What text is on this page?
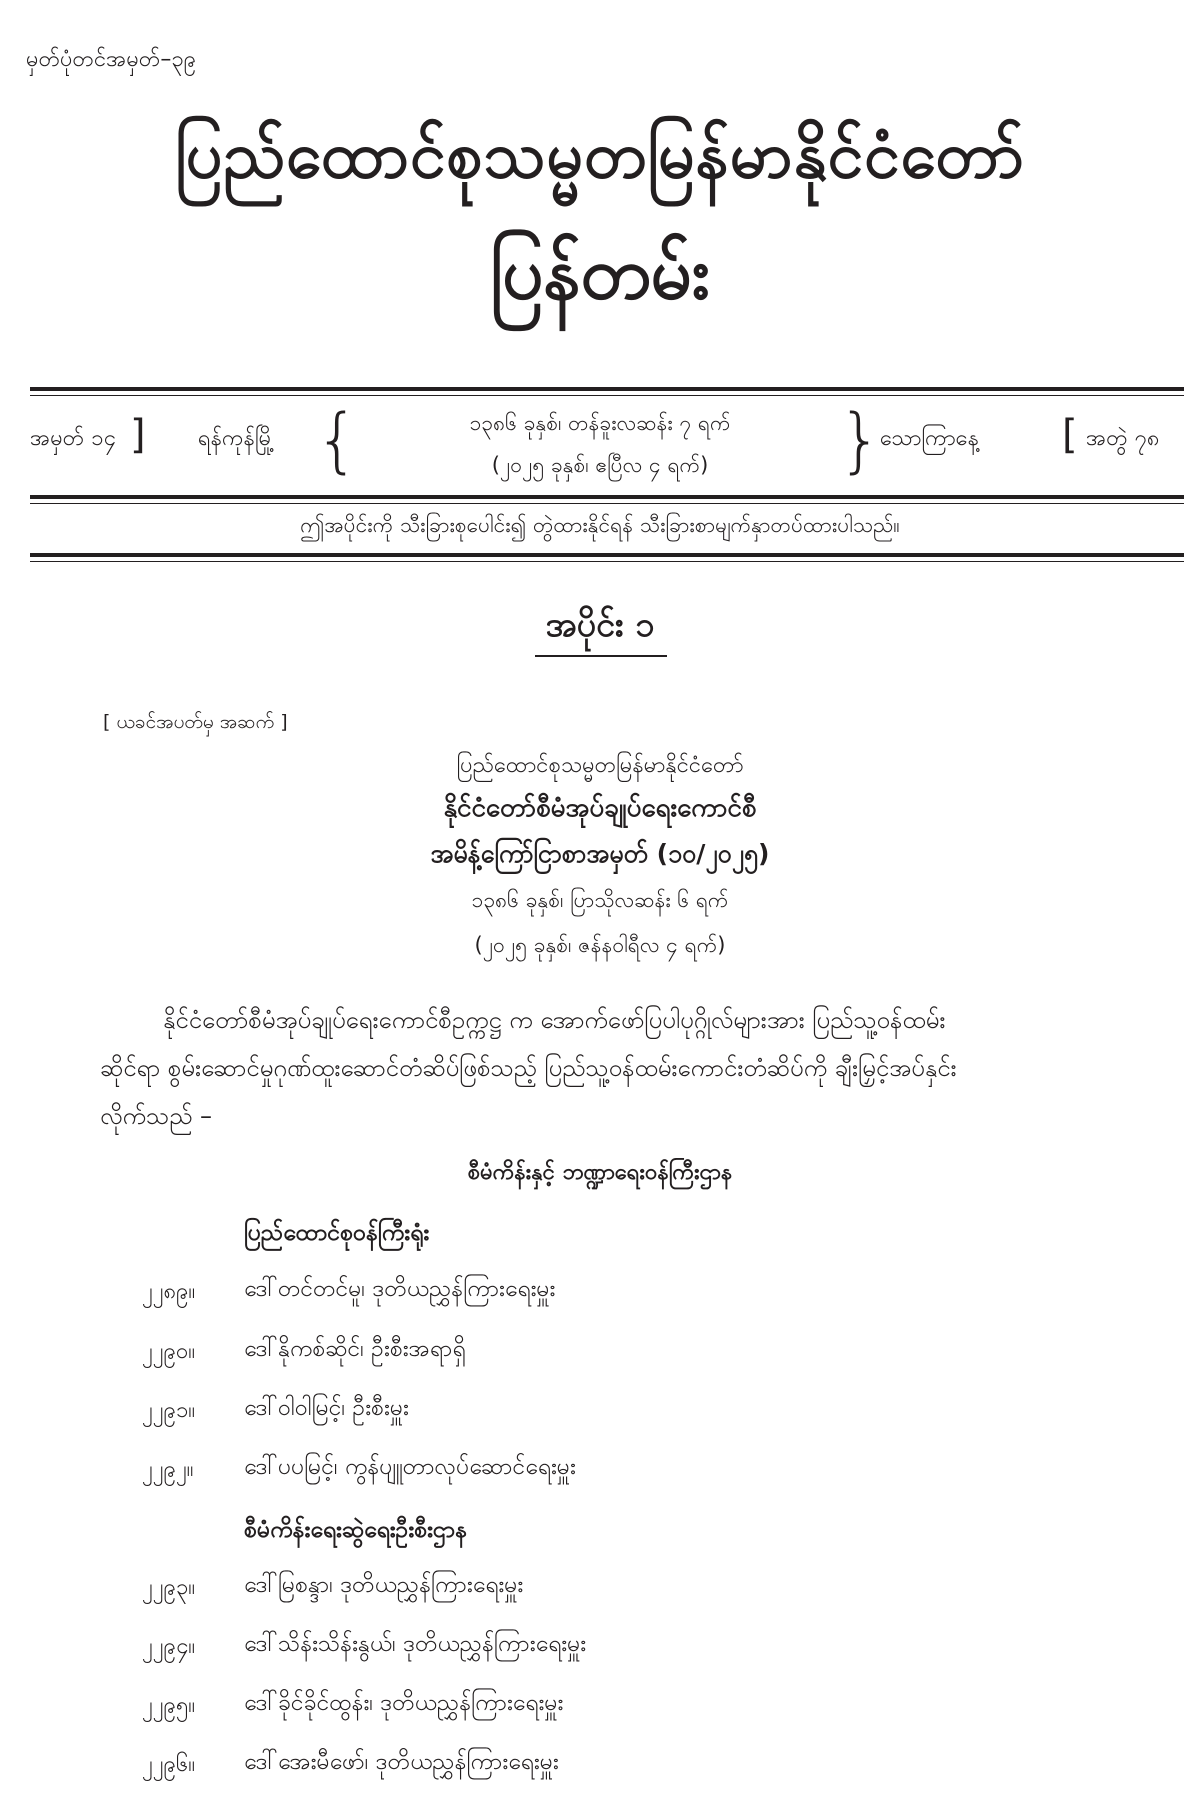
မှတ်ပုံတင်အမှတ်–၃၉
ပြည်ထောင်စုသမ္မတမြန်မာနိုင်ငံတော်
ပြန်တမ်း
အမှတ် ၁၄ ] ရန်ကုန်မြို့ {	၁၃၈၆ ခုနှစ်၊ တန်ခူးလဆန်း ၇ ရက်
(၂၀၂၅ ခုနှစ်၊ ဧပြီလ ၄ ရက်)	}
သောကြာနေ့ [ အတွဲ ၇၈
ဤအပိုင်းကို သီးခြားစုပေါင်း၍ တွဲထားနိုင်ရန် သီးခြားစာမျက်နှာတပ်ထားပါသည်။
အပိုင်း ၁
[ ယခင်အပတ်မှ အဆက် ]
ပြည်ထောင်စုသမ္မတမြန်မာနိုင်ငံတော်
နိုင်ငံတော်စီမံအုပ်ချုပ်ရေးကောင်စီ
အမိန့်ကြော်ငြာစာအမှတ် (၁၀/၂၀၂၅)
၁၃၈၆ ခုနှစ်၊ ပြာသိုလဆန်း ၆ ရက်
(၂၀၂၅ ခုနှစ်၊ ဇန်နဝါရီလ ၄ ရက်)

နိုင်ငံတော်စီမံအုပ်ချုပ်ရေးကောင်စီဥက္ကဋ္ဌ က အောက်ဖော်ပြပါပုဂ္ဂိုလ်များအား ပြည်သူ့ဝန်ထမ်း

ဆိုင်ရာ စွမ်းဆောင်မှုဂုဏ်ထူးဆောင်တံဆိပ်ဖြစ်သည့် ပြည်သူ့ဝန်ထမ်းကောင်းတံဆိပ်ကို ချီးမြှင့်အပ်နှင်း

လိုက်သည် –

စီမံကိန်းနှင့် ဘဏ္ဍာရေးဝန်ကြီးဌာန
ပြည်ထောင်စုဝန်ကြီးရုံး
၂၂၈၉။ ဒေါ်တင်တင်မူ၊ ဒုတိယညွှန်ကြားရေးမှူး
၂၂၉၀။ ဒေါ်နိုကစ်ဆိုင်၊ ဦးစီးအရာရှိ
၂၂၉၁။ ဒေါ်ဝါဝါမြင့်၊ ဦးစီးမှူး
၂၂၉၂။ ဒေါ်ပပမြင့်၊ ကွန်ပျူတာလုပ်ဆောင်ရေးမှူး
စီမံကိန်းရေးဆွဲရေးဦးစီးဌာန
၂၂၉၃။ ဒေါ်မြစန္ဒာ၊ ဒုတိယညွှန်ကြားရေးမှူး
၂၂၉၄။ ဒေါ်သိန်းသိန်းနွယ်၊ ဒုတိယညွှန်ကြားရေးမှူး
၂၂၉၅။ ဒေါ်ခိုင်ခိုင်ထွန်း၊ ဒုတိယညွှန်ကြားရေးမှူး
၂၂၉၆။ ဒေါ်အေးမီဖော်၊ ဒုတိယညွှန်ကြားရေးမှူး
